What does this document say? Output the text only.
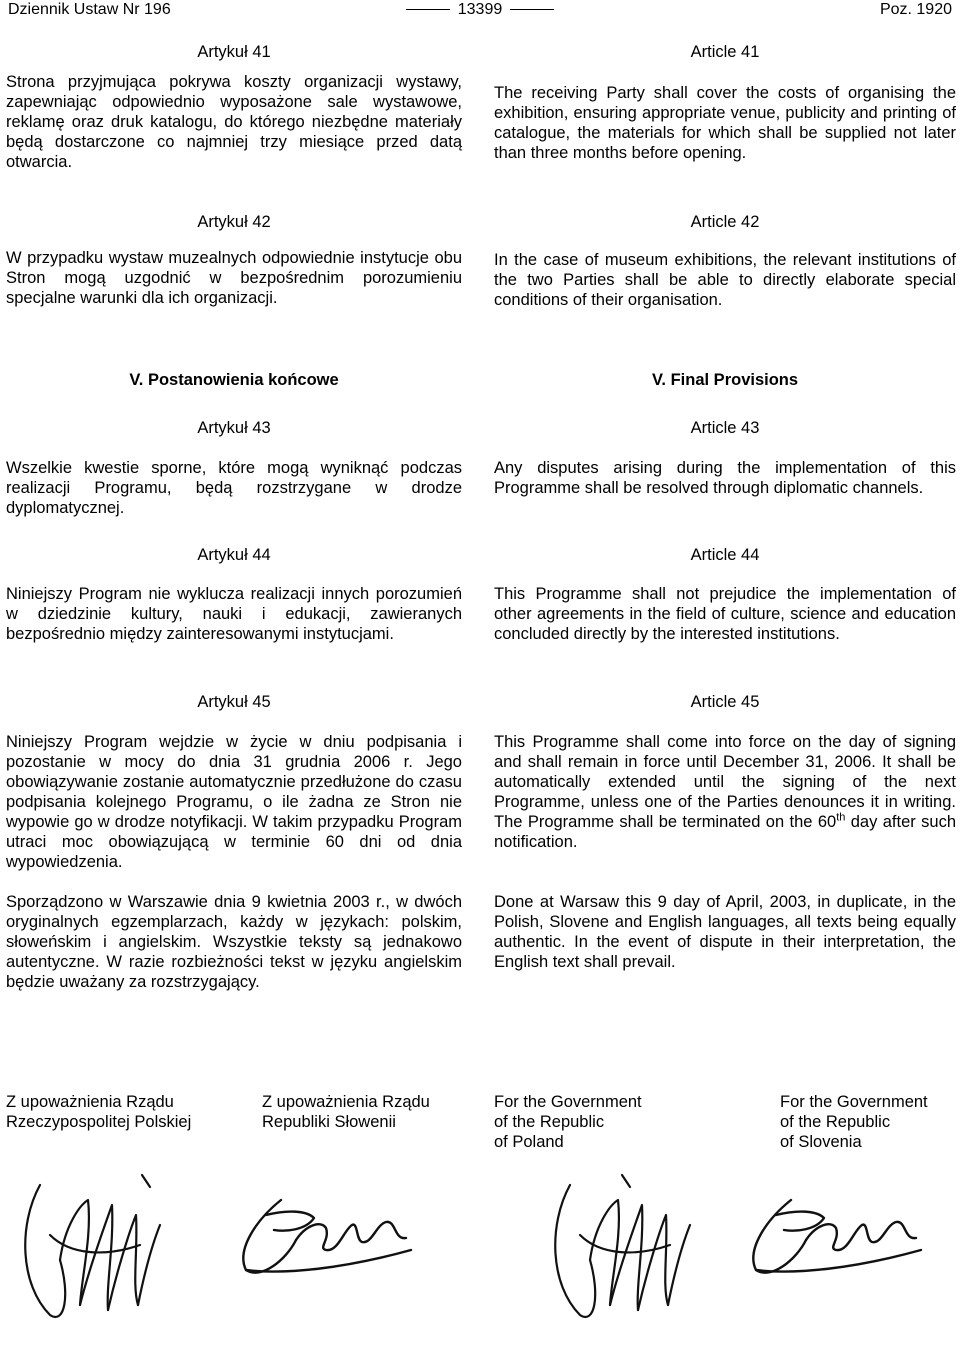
Dziennik Ustaw Nr 196	13399	Poz. 1920
Artykuł 41
Strona przyjmująca pokrywa koszty organizacji wystawy, zapewniając odpowiednio wyposażone sale wystawowe, reklamę oraz druk katalogu, do którego niezbędne materiały będą dostarczone co najmniej trzy miesiące przed datą otwarcia.
Artykuł 42
W przypadku wystaw muzealnych odpowiednie instytucje obu Stron mogą uzgodnić w bezpośrednim porozumieniu specjalne warunki dla ich organizacji.
V. Postanowienia końcowe
Artykuł 43
Wszelkie kwestie sporne, które mogą wyniknąć podczas realizacji Programu, będą rozstrzygane w drodze dyplomatycznej.
Artykuł 44
Niniejszy Program nie wyklucza realizacji innych porozumień w dziedzinie kultury, nauki i edukacji, zawieranych bezpośrednio między zainteresowanymi instytucjami.
Artykuł 45
Niniejszy Program wejdzie w życie w dniu podpisania i pozostanie w mocy do dnia 31 grudnia 2006 r. Jego obowiązywanie zostanie automatycznie przedłużone do czasu podpisania kolejnego Programu, o ile żadna ze Stron nie wypowie go w drodze notyfikacji. W takim przypadku Program utraci moc obowiązującą w terminie 60 dni od dnia wypowiedzenia.
Sporządzono w Warszawie dnia 9 kwietnia 2003 r., w dwóch oryginalnych egzemplarzach, każdy w językach: polskim, słoweńskim i angielskim. Wszystkie teksty są jednakowo autentyczne. W razie rozbieżności tekst w języku angielskim będzie uważany za rozstrzygający.
Article 41
The receiving Party shall cover the costs of organising the exhibition, ensuring appropriate venue, publicity and printing of catalogue, the materials for which shall be supplied not later than three months before opening.
Article 42
In the case of museum exhibitions, the relevant institutions of the two Parties shall be able to directly elaborate special conditions of their organisation.
V. Final Provisions
Article 43
Any disputes arising during the implementation of this Programme shall be resolved through diplomatic channels.
Article 44
This Programme shall not prejudice the implementation of other agreements in the field of culture, science and education concluded directly by the interested institutions.
Article 45
This Programme shall come into force on the day of signing and shall remain in force until December 31, 2006. It shall be automatically extended until the signing of the next Programme, unless one of the Parties denounces it in writing. The Programme shall be terminated on the 60th day after such notification.
Done at Warsaw this 9 day of April, 2003, in duplicate, in the Polish, Slovene and English languages, all texts being equally authentic. In the event of dispute in their interpretation, the English text shall prevail.
Z upoważnienia Rządu
Rzeczypospolitej Polskiej
Z upoważnienia Rządu
Republiki Słowenii
For the Government
of the Republic
of Poland
For the Government
of the Republic
of Slovenia
